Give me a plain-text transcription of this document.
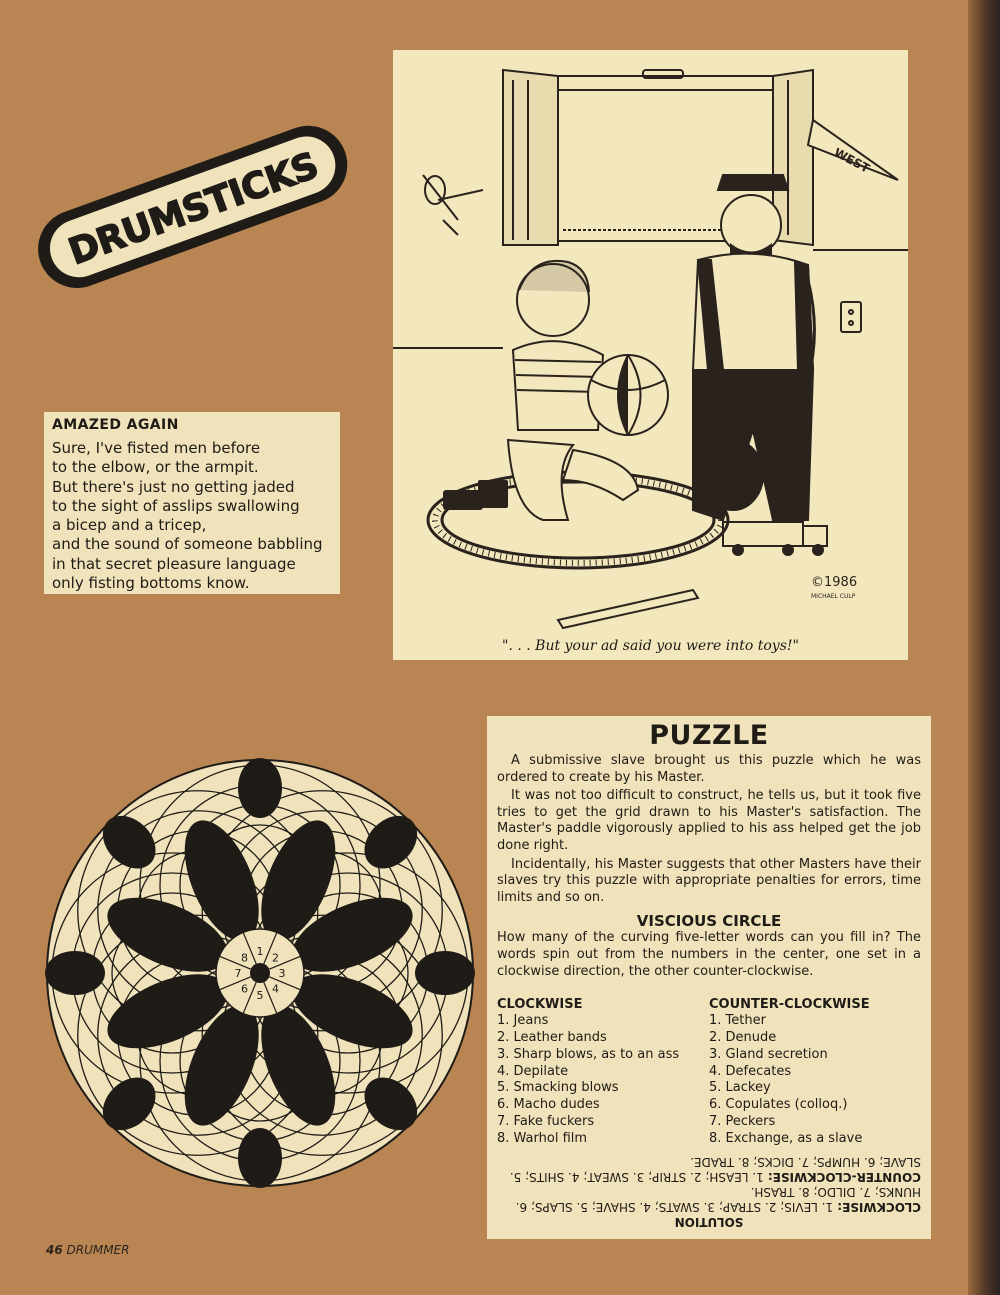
DRUMSTICKS	WEST
©1986
MICHAEL CULP
". . . But your ad said you were into toys!"
AMAZED AGAIN
Sure, I've fisted men before
to the elbow, or the armpit.
But there's just no getting jaded
to the sight of asslips swallowing
a bicep and a tricep,
and the sound of someone babbling
in that secret pleasure language
only fisting bottoms know.
1 2
3
4
5
6
7
8
PUZZLE

A submissive slave brought us this puzzle which he was ordered to create by his Master.

It was not too difficult to construct, he tells us, but it took five tries to get the grid drawn to his Master's satisfaction. The Master's paddle vigorously applied to his ass helped get the job done right.

Incidentally, his Master suggests that other Masters have their slaves try this puzzle with appropriate penalties for errors, time limits and so on.

VISCIOUS CIRCLE

How many of the curving five-letter words can you fill in? The words spin out from the numbers in the center, one set in a clockwise direction, the other counter-clockwise.

CLOCKWISE
1. Jeans
2. Leather bands
3. Sharp blows, as to an ass
4. Depilate
5. Smacking blows
6. Macho dudes
7. Fake fuckers
8. Warhol film
COUNTER-CLOCKWISE
1. Tether
2. Denude
3. Gland secretion
4. Defecates
5. Lackey
6. Copulates (colloq.)
7. Peckers
8. Exchange, as a slave
SOLUTION
CLOCKWISE: 1. LEVIS; 2. STRAP; 3. SWATS; 4. SHAVE; 5. SLAPS; 6. HUNKS; 7. DILDO; 8. TRASH.
COUNTER-CLOCKWISE: 1. LEASH; 2. STRIP; 3. SWEAT; 4. SHITS; 5. SLAVE; 6. HUMPS; 7. DICKS; 8. TRADE.
46 DRUMMER
